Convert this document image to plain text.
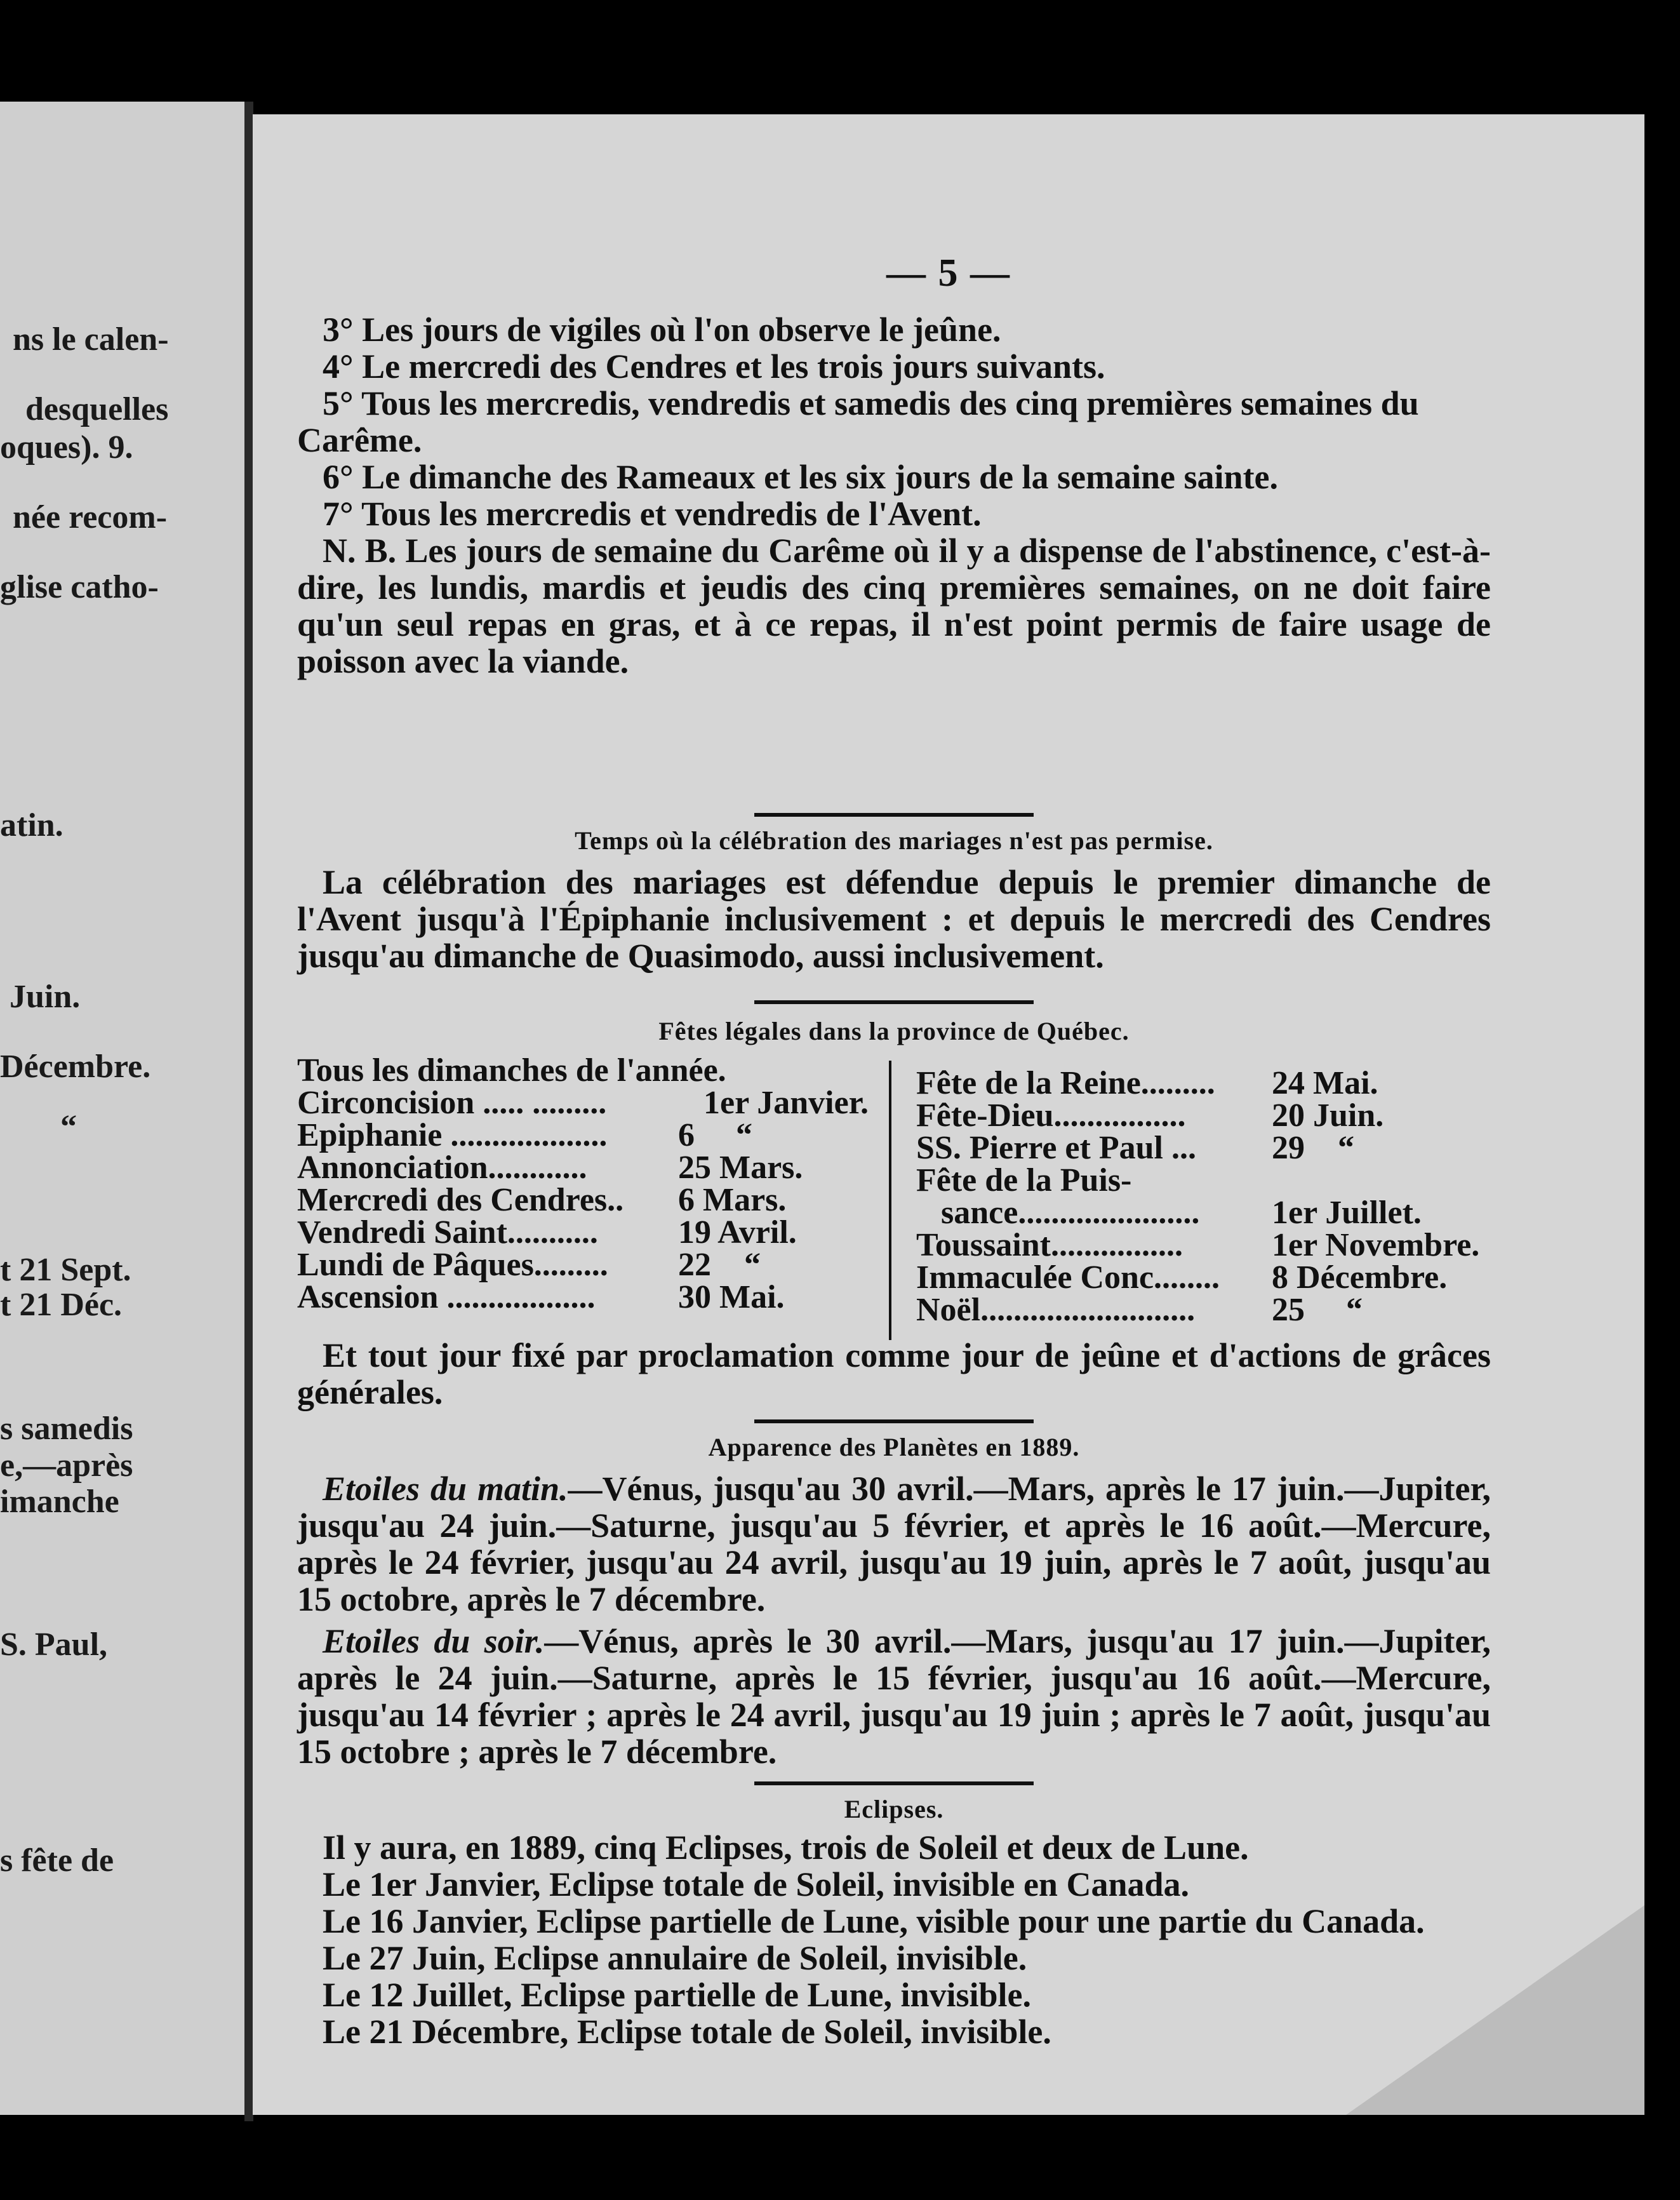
ns le calen-
desquelles
oques). 9.
née recom-
glise catho-
atin.
Juin.
Décembre.
“
t 21 Sept.
t 21 Déc.
s samedis
e,—après
imanche
S. Paul,
s fête de
— 5 —
3° Les jours de vigiles où l'on observe le jeûne.
4° Le mercredi des Cendres et les trois jours suivants.
5° Tous les mercredis, vendredis et samedis des cinq premières semaines du Carême.
6° Le dimanche des Rameaux et les six jours de la semaine sainte.
7° Tous les mercredis et vendredis de l'Avent.
N. B. Les jours de semaine du Carême où il y a dispense de l'abstinence, c'est-à-dire, les lundis, mardis et jeudis des cinq premières semaines, on ne doit faire qu'un seul repas en gras, et à ce repas, il n'est point permis de faire usage de poisson avec la viande.
Temps où la célébration des mariages n'est pas permise.
La célébration des mariages est défendue depuis le premier dimanche de l'Avent jusqu'à l'Épiphanie inclusivement : et depuis le mercredi des Cendres jusqu'au dimanche de Quasimodo, aussi inclusivement.
Fêtes légales dans la province de Québec.
Tous les dimanches de l'année.
Circoncision ..... .........	1er Janvier.
Epiphanie ................... 6     “
Annonciation............	25 Mars.
Mercredi des Cendres.. 6 Mars.
Vendredi Saint........... 19 Avril.
Lundi de Pâques......... 22    “
Ascension ..................	30 Mai.
Fête de la Reine......... 24 Mai.
Fête-Dieu................	20 Juin.
SS. Pierre et Paul ... 29    “
Fête de la Puis-
sance...................... 1er Juillet.
Toussaint................	1er Novembre.
Immaculée Conc........ 8 Décembre.
Noël.......................... 25     “
Et tout jour fixé par proclamation comme jour de jeûne et d'actions de grâces générales.
Apparence des Planètes en 1889.
Etoiles du matin.—Vénus, jusqu'au 30 avril.—Mars, après le 17 juin.—Jupiter, jusqu'au 24 juin.—Saturne, jusqu'au 5 février, et après le 16 août.—Mercure, après le 24 février, jusqu'au 24 avril, jusqu'au 19 juin, après le 7 août, jusqu'au 15 octobre, après le 7 décembre.
Etoiles du soir.—Vénus, après le 30 avril.—Mars, jusqu'au 17 juin.—Jupiter, après le 24 juin.—Saturne, après le 15 février, jusqu'au 16 août.—Mercure, jusqu'au 14 février ; après le 24 avril, jusqu'au 19 juin ; après le 7 août, jusqu'au 15 octobre ; après le 7 décembre.
Eclipses.
Il y aura, en 1889, cinq Eclipses, trois de Soleil et deux de Lune.
Le 1er Janvier, Eclipse totale de Soleil, invisible en Canada.
Le 16 Janvier, Eclipse partielle de Lune, visible pour une partie du Canada.
Le 27 Juin, Eclipse annulaire de Soleil, invisible.
Le 12 Juillet, Eclipse partielle de Lune, invisible.
Le 21 Décembre, Eclipse totale de Soleil, invisible.
